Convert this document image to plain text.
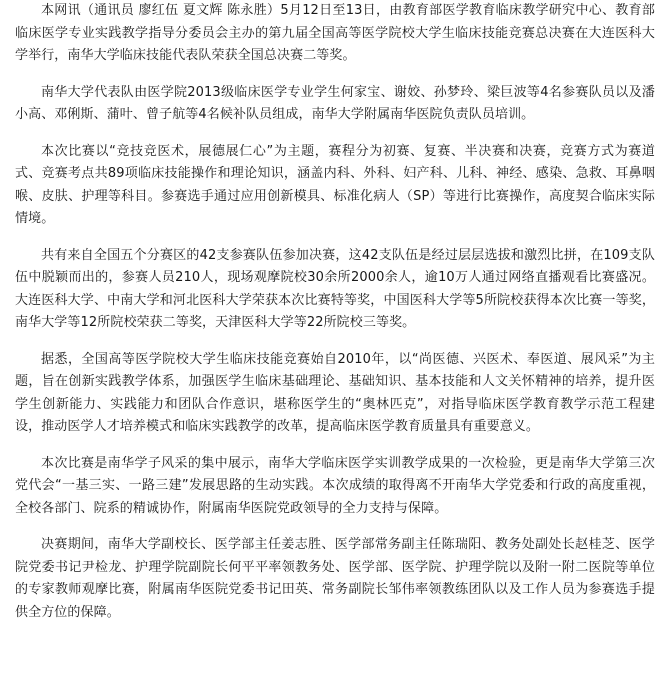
本网讯（通讯员 廖红伍 夏文辉 陈永胜）5月12日至13日，由教育部医学教育临床教学研究中心、教育部临床医学专业实践教学指导分委员会主办的第九届全国高等医学院校大学生临床技能竞赛总决赛在大连医科大学举行，南华大学临床技能代表队荣获全国总决赛二等奖。

南华大学代表队由医学院2013级临床医学专业学生何家宝、谢姣、孙梦玲、梁巨波等4名参赛队员以及潘小高、邓俐斯、蒲叶、曾子航等4名候补队员组成，南华大学附属南华医院负责队员培训。

本次比赛以“竞技竞医术，展德展仁心”为主题，赛程分为初赛、复赛、半决赛和决赛，竞赛方式为赛道式、竞赛考点共89项临床技能操作和理论知识，涵盖内科、外科、妇产科、儿科、神经、感染、急救、耳鼻咽喉、皮肤、护理等科目。参赛选手通过应用创新模具、标准化病人（SP）等进行比赛操作，高度契合临床实际情境。

共有来自全国五个分赛区的42支参赛队伍参加决赛，这42支队伍是经过层层选拔和激烈比拼，在109支队伍中脱颖而出的，参赛人员210人，现场观摩院校30余所2000余人，逾10万人通过网络直播观看比赛盛况。大连医科大学、中南大学和河北医科大学荣获本次比赛特等奖，中国医科大学等5所院校获得本次比赛一等奖，南华大学等12所院校荣获二等奖，天津医科大学等22所院校三等奖。

据悉，全国高等医学院校大学生临床技能竞赛始自2010年，以“尚医德、兴医术、奉医道、展风采”为主题，旨在创新实践教学体系，加强医学生临床基础理论、基础知识、基本技能和人文关怀精神的培养，提升医学生创新能力、实践能力和团队合作意识，堪称医学生的“奥林匹克”，对指导临床医学教育教学示范工程建设，推动医学人才培养模式和临床实践教学的改革，提高临床医学教育质量具有重要意义。

本次比赛是南华学子风采的集中展示，南华大学临床医学实训教学成果的一次检验，更是南华大学第三次党代会“一基三实、一路三建”发展思路的生动实践。本次成绩的取得离不开南华大学党委和行政的高度重视，全校各部门、院系的精诚协作，附属南华医院党政领导的全力支持与保障。

决赛期间，南华大学副校长、医学部主任姜志胜、医学部常务副主任陈瑞阳、教务处副处长赵桂芝、医学院党委书记尹检龙、护理学院副院长何平平率领教务处、医学部、医学院、护理学院以及附一附二医院等单位的专家教师观摩比赛，附属南华医院党委书记田英、常务副院长邹伟率领教练团队以及工作人员为参赛选手提供全方位的保障。
